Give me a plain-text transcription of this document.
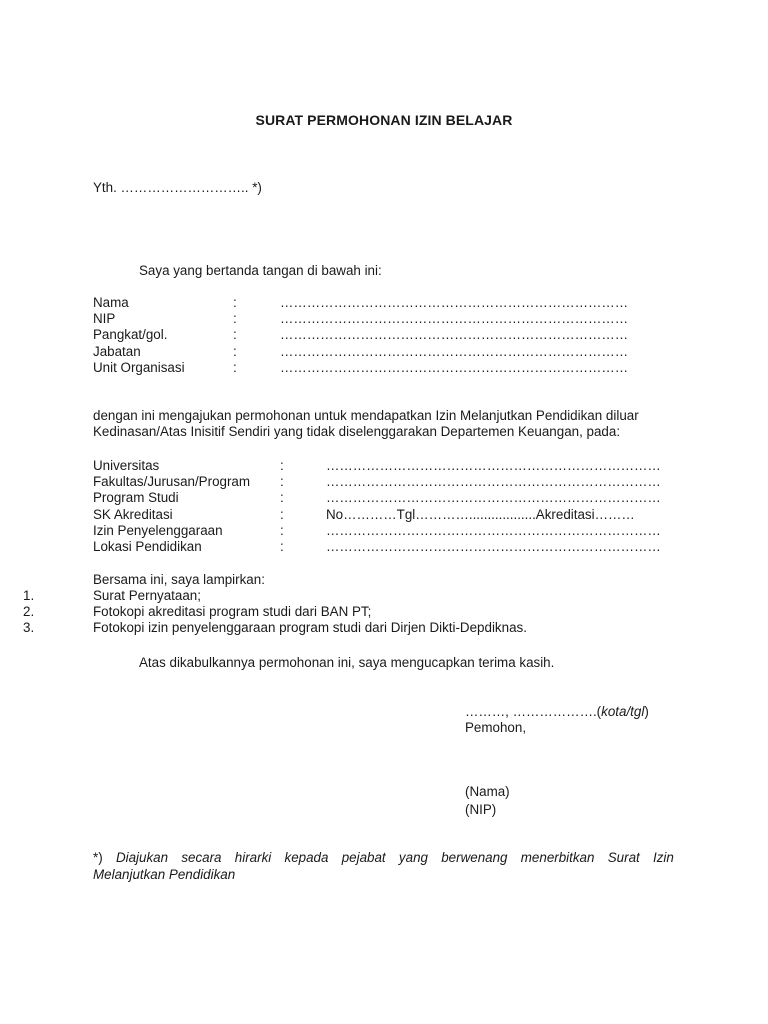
SURAT PERMOHONAN IZIN BELAJAR
Yth. ……………………….. *)
Saya yang bertanda tangan di bawah ini:
Nama	:	……………………………………………………………………
NIP	:	……………………………………………………………………
Pangkat/gol.	:	……………………………………………………………………
Jabatan	:	……………………………………………………………………
Unit Organisasi	:	……………………………………………………………………
dengan ini mengajukan permohonan untuk mendapatkan Izin Melanjutkan Pendidikan diluar
Kedinasan/Atas Inisitif Sendiri yang tidak diselenggarakan Departemen Keuangan, pada:
Universitas	:	…………………………………………………………………
Fakultas/Jurusan/Program	:	…………………………………………………………………
Program Studi	:	…………………………………………………………………
SK Akreditasi	:	No…………Tgl…………..................Akreditasi………
Izin Penyelenggaraan	:	…………………………………………………………………
Lokasi Pendidikan	:	…………………………………………………………………
Bersama ini, saya lampirkan:
1.	Surat Pernyataan;
2.	Fotokopi akreditasi program studi dari BAN PT;
3.	Fotokopi izin penyelenggaraan program studi dari Dirjen Dikti-Depdiknas.
Atas dikabulkannya permohonan ini, saya mengucapkan terima kasih.
………, ……………….(kota/tgl)
Pemohon,
(Nama)
(NIP)
*) Diajukan secara hirarki kepada pejabat yang berwenang menerbitkan Surat Izin
Melanjutkan Pendidikan
